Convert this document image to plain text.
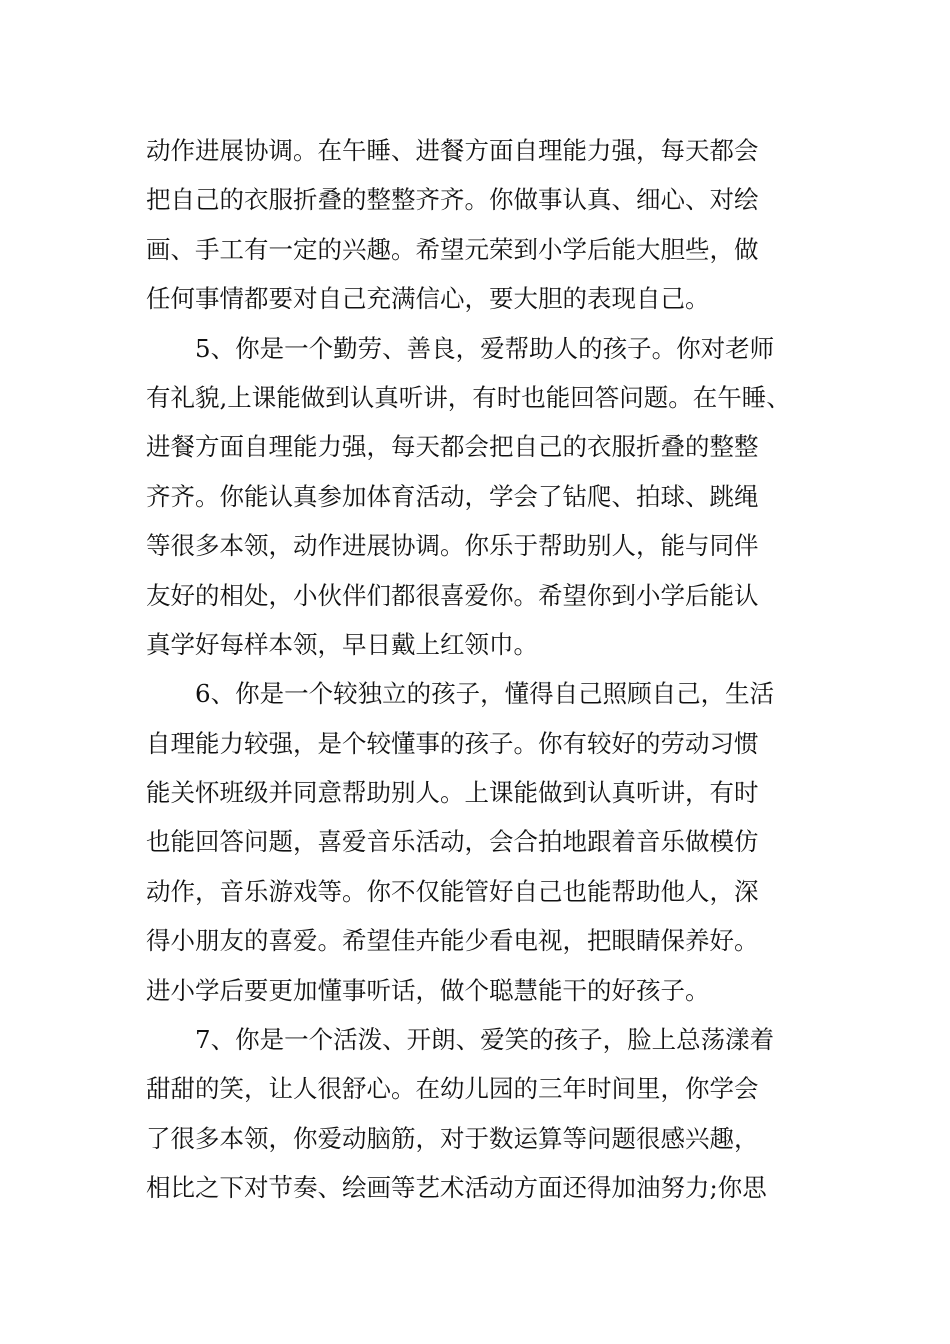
动作进展协调。在午睡、进餐方面自理能力强，每天都会
把自己的衣服折叠的整整齐齐。你做事认真、细心、对绘
画、手工有一定的兴趣。希望元荣到小学后能大胆些，做
任何事情都要对自己充满信心，要大胆的表现自己。
5、你是一个勤劳、善良，爱帮助人的孩子。你对老师
有礼貌,上课能做到认真听讲，有时也能回答问题。在午睡、
进餐方面自理能力强，每天都会把自己的衣服折叠的整整
齐齐。你能认真参加体育活动，学会了钻爬、拍球、跳绳
等很多本领，动作进展协调。你乐于帮助别人，能与同伴
友好的相处，小伙伴们都很喜爱你。希望你到小学后能认
真学好每样本领，早日戴上红领巾。
6、你是一个较独立的孩子，懂得自己照顾自己，生活
自理能力较强，是个较懂事的孩子。你有较好的劳动习惯
能关怀班级并同意帮助别人。上课能做到认真听讲，有时
也能回答问题，喜爱音乐活动，会合拍地跟着音乐做模仿
动作，音乐游戏等。你不仅能管好自己也能帮助他人，深
得小朋友的喜爱。希望佳卉能少看电视，把眼睛保养好。
进小学后要更加懂事听话，做个聪慧能干的好孩子。
7、你是一个活泼、开朗、爱笑的孩子，脸上总荡漾着
甜甜的笑，让人很舒心。在幼儿园的三年时间里，你学会
了很多本领，你爱动脑筋，对于数运算等问题很感兴趣，
相比之下对节奏、绘画等艺术活动方面还得加油努力;你思
